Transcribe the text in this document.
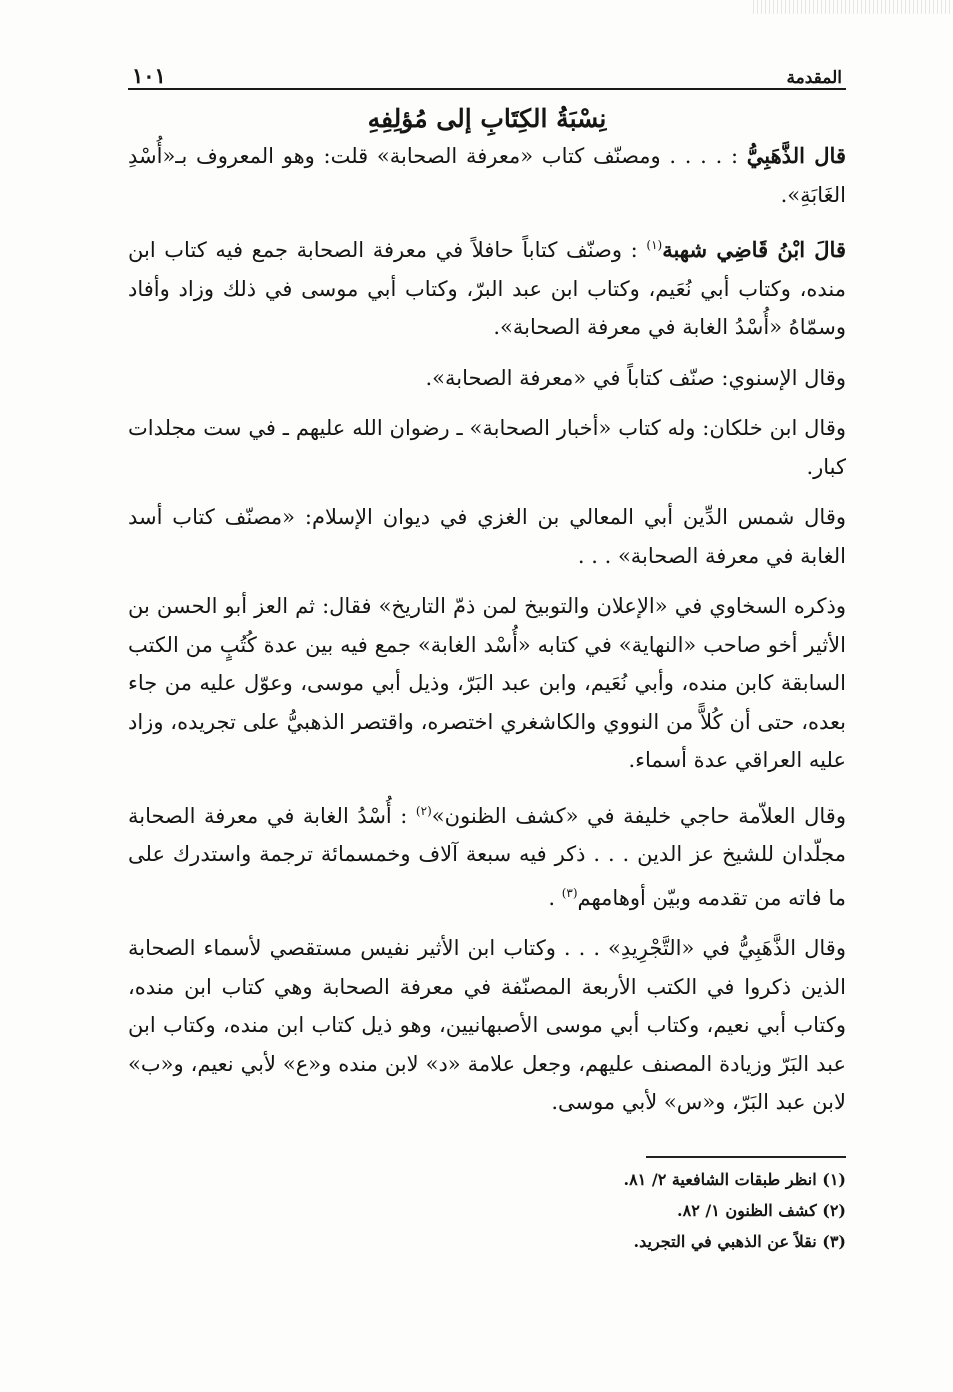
المقدمة
١٠١
نِسْبَةُ الكِتَابِ إلى مُؤلِفِهِ

قال الذَّهَبِيُّ : . . . . ومصنّف كتاب «معرفة الصحابة» قلت: وهو المعروف بـ«أُسْدِ الغَابَةِ».

قالَ ابْنُ قَاضِي شهبة$^{(١)}$ : وصنّف كتاباً حافلاً في معرفة الصحابة جمع فيه كتاب ابن منده، وكتاب أبي نُعَيم، وكتاب ابن عبد البرّ، وكتاب أبي موسى في ذلك وزاد وأفاد وسمّاهُ «أُسْدُ الغابة في معرفة الصحابة».

وقال الإسنوي: صنّف كتاباً في «معرفة الصحابة».

وقال ابن خلكان: وله كتاب «أخبار الصحابة» ـ رضوان الله عليهم ـ في ست مجلدات كبار.

وقال شمس الدِّين أبي المعالي بن الغزي في ديوان الإسلام: «مصنّف كتاب أسد الغابة في معرفة الصحابة» . . .

وذكره السخاوي في «الإعلان والتوبيخ لمن ذمّ التاريخ» فقال: ثم العز أبو الحسن بن الأثير أخو صاحب «النهاية» في كتابه «أُسْد الغابة» جمع فيه بين عدة كُتُبٍ من الكتب السابقة كابن منده، وأبي نُعَيم، وابن عبد البَرّ، وذيل أبي موسى، وعوّل عليه من جاء بعده، حتى أن كُلاًّ من النووي والكاشغري اختصره، واقتصر الذهبيُّ على تجريده، وزاد عليه العراقي عدة أسماء.

وقال العلاّمة حاجي خليفة في «كشف الظنون»$^{(٢)}$ : أُسْدُ الغابة في معرفة الصحابة مجلّدان للشيخ عز الدين . . . ذكر فيه سبعة آلاف وخمسمائة ترجمة واستدرك على ما فاته من تقدمه وبيّن أوهامهم$^{(٣)}$ .

وقال الذَّهَبِيُّ في «التَّجْرِيدِ» . . . وكتاب ابن الأثير نفيس مستقصي لأسماء الصحابة الذين ذكروا في الكتب الأربعة المصنّفة في معرفة الصحابة وهي كتاب ابن منده، وكتاب أبي نعيم، وكتاب أبي موسى الأصبهانيين، وهو ذيل كتاب ابن منده، وكتاب ابن عبد البَرّ وزيادة المصنف عليهم، وجعل علامة «د» لابن منده و«ع» لأبي نعيم، و«ب» لابن عبد البَرّ، و«س» لأبي موسى.

(١) انظر طبقات الشافعية ٢/ ٨١.

(٢) كشف الظنون ١/ ٨٢.

(٣) نقلاً عن الذهبي في التجريد.
